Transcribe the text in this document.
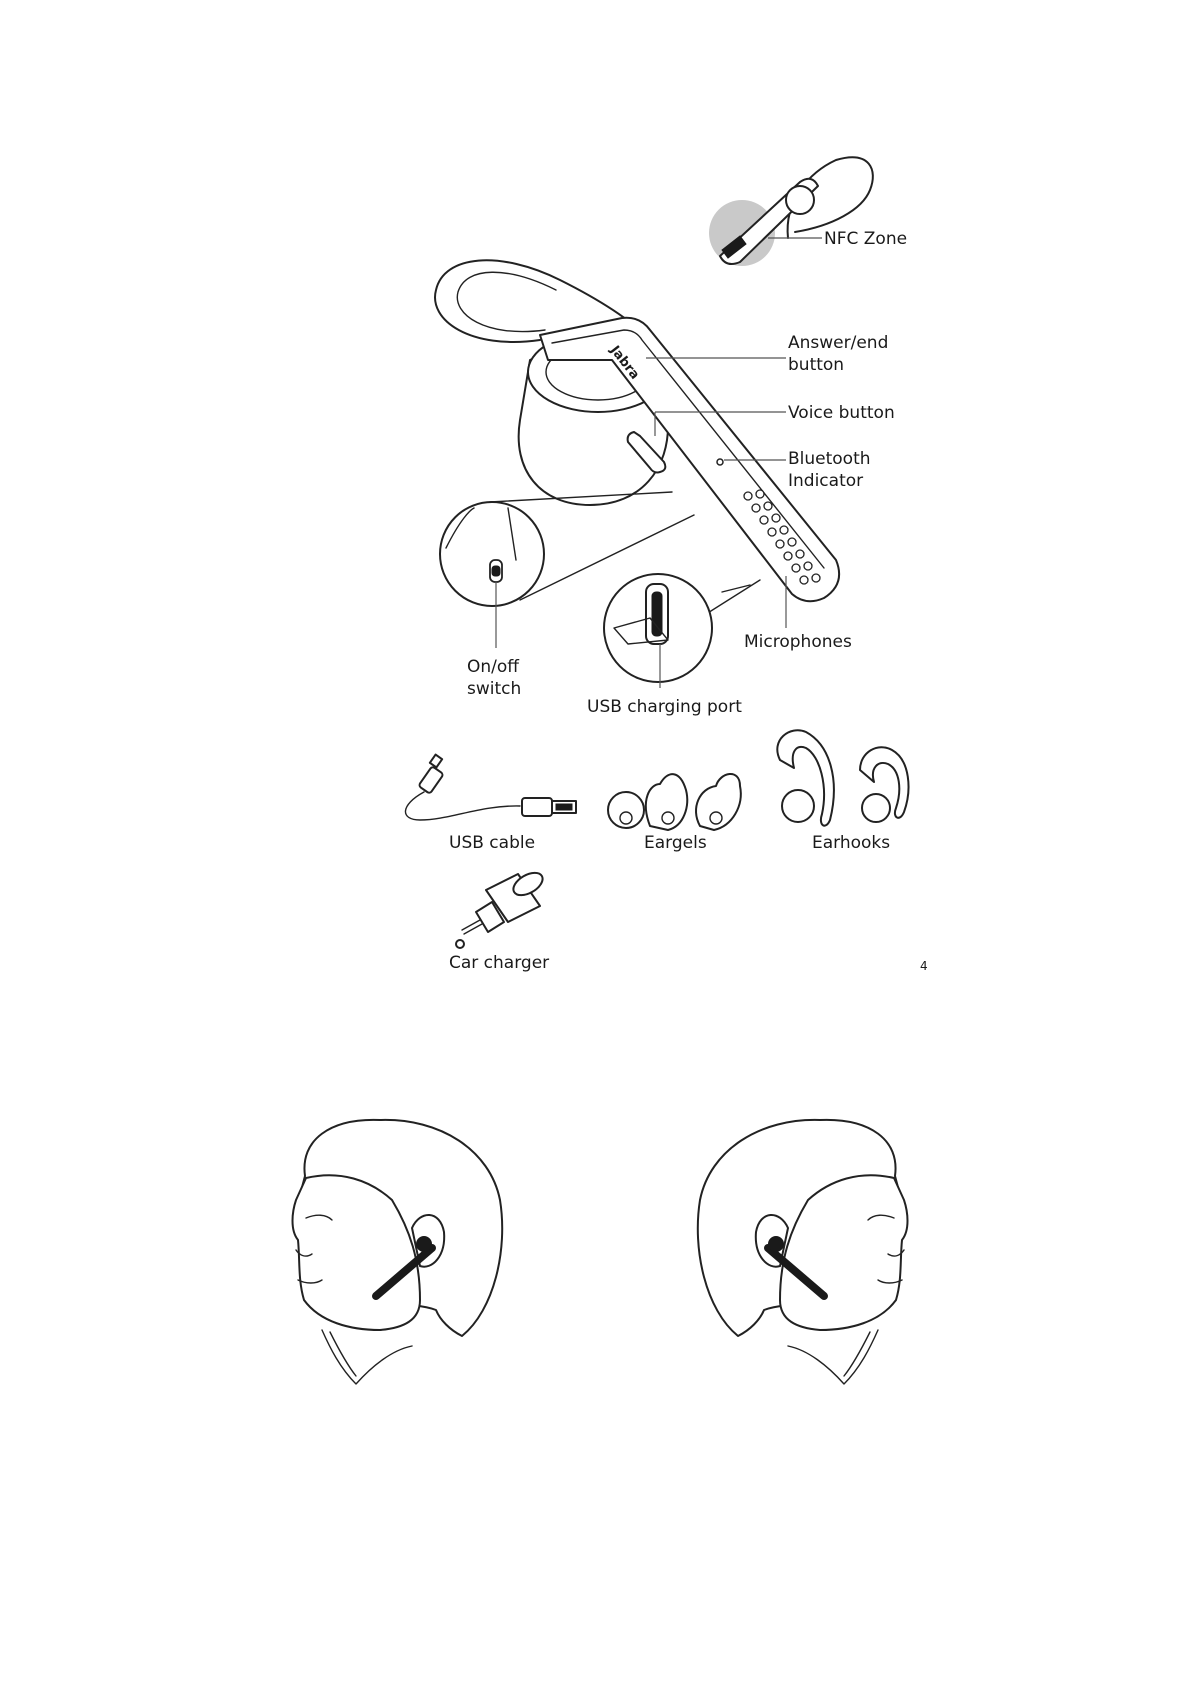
NFC Zone
Jabra
Answer/end
button
Voice button
Bluetooth
Indicator
Microphones
On/off
switch
USB charging port
USB cable	Eargels	Earhooks
Car charger	4
